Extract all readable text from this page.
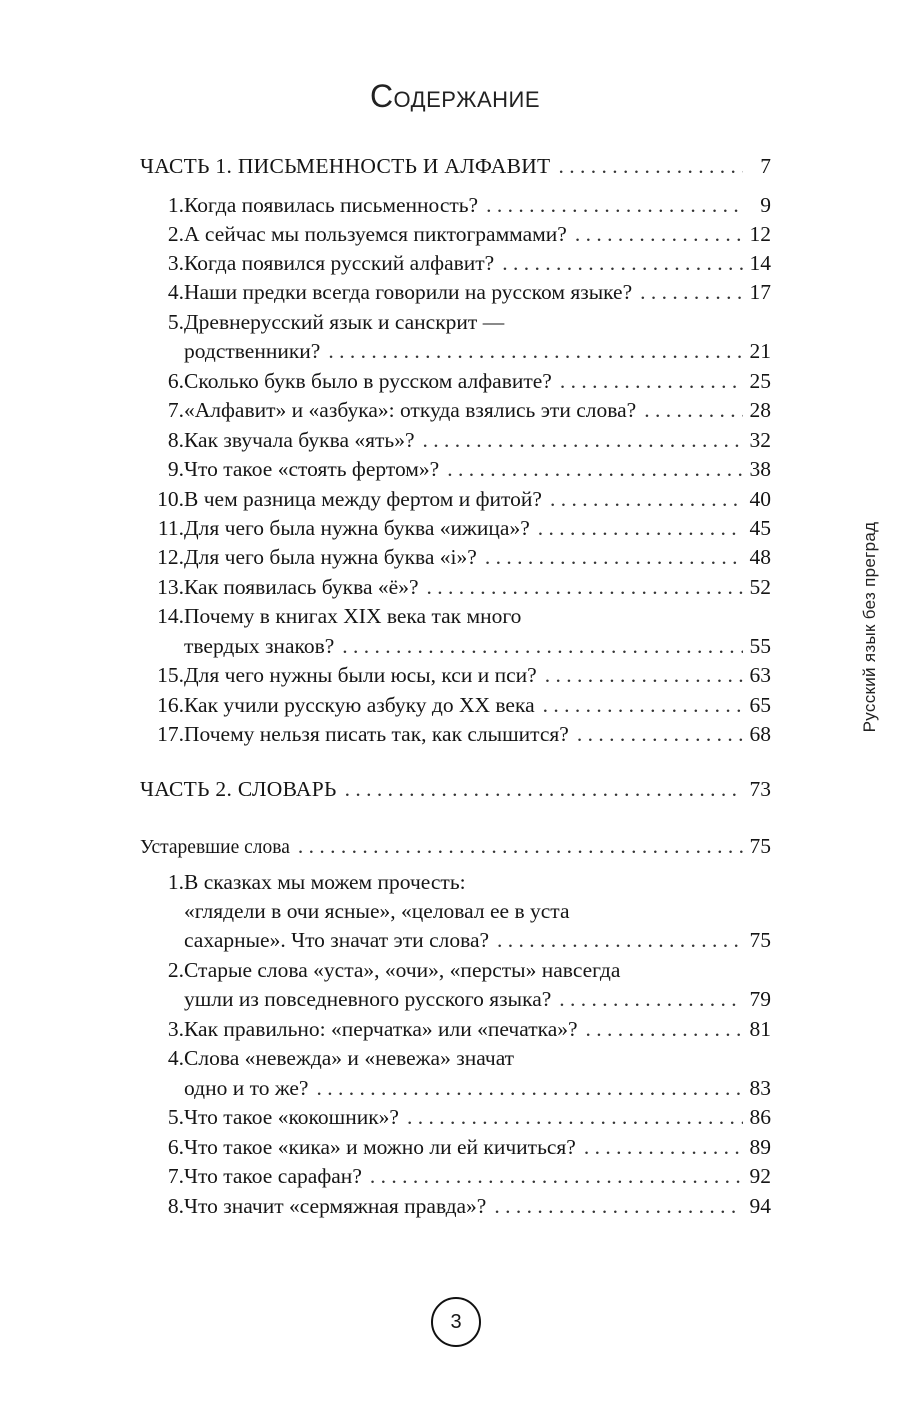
Содержание
ЧАСТЬ 1. ПИСЬМЕННОСТЬ И АЛФАВИТ . . .	7
1. Когда появилась письменность? . . .	9
2. А сейчас мы пользуемся пиктограммами? . . .	12
3. Когда появился русский алфавит? . . .	14
4. Наши предки всегда говорили на русском языке? . . .	17
5. Древнерусский язык и санскрит —
родственники? . . .	21
6. Сколько букв было в русском алфавите? . . .	25
7. «Алфавит» и «азбука»: откуда взялись эти слова? . . .	28
8. Как звучала буква «ять»? . . .	32
9. Что такое «стоять фертом»? . . .	38
10. В чем разница между фертом и фитой? . . .	40
11. Для чего была нужна буква «ижица»? . . .	45
12. Для чего была нужна буква «і»? . . .	48
13. Как появилась буква «ё»? . . .	52
14. Почему в книгах XIX века так много
твердых знаков? . . .	55
15. Для чего нужны были юсы, кси и пси? . . .	63
16. Как учили русскую азбуку до XX века . . .	65
17. Почему нельзя писать так, как слышится? . . .	68
ЧАСТЬ 2. СЛОВАРЬ . . .	73
Устаревшие слова . . .	75
1. В сказках мы можем прочесть:
«глядели в очи ясные», «целовал ее в уста
сахарные». Что значат эти слова? . . .	75
2. Старые слова «уста», «очи», «персты» навсегда
ушли из повседневного русского языка? . . .	79
3. Как правильно: «перчатка» или «печатка»? . . .	81
4. Слова «невежда» и «невежа» значат
одно и то же? . . .	83
5. Что такое «кокошник»? . . .	86
6. Что такое «кика» и можно ли ей кичиться? . . .	89
7. Что такое сарафан? . . .	92
8. Что значит «сермяжная правда»? . . .	94
Русский язык без преград
3
